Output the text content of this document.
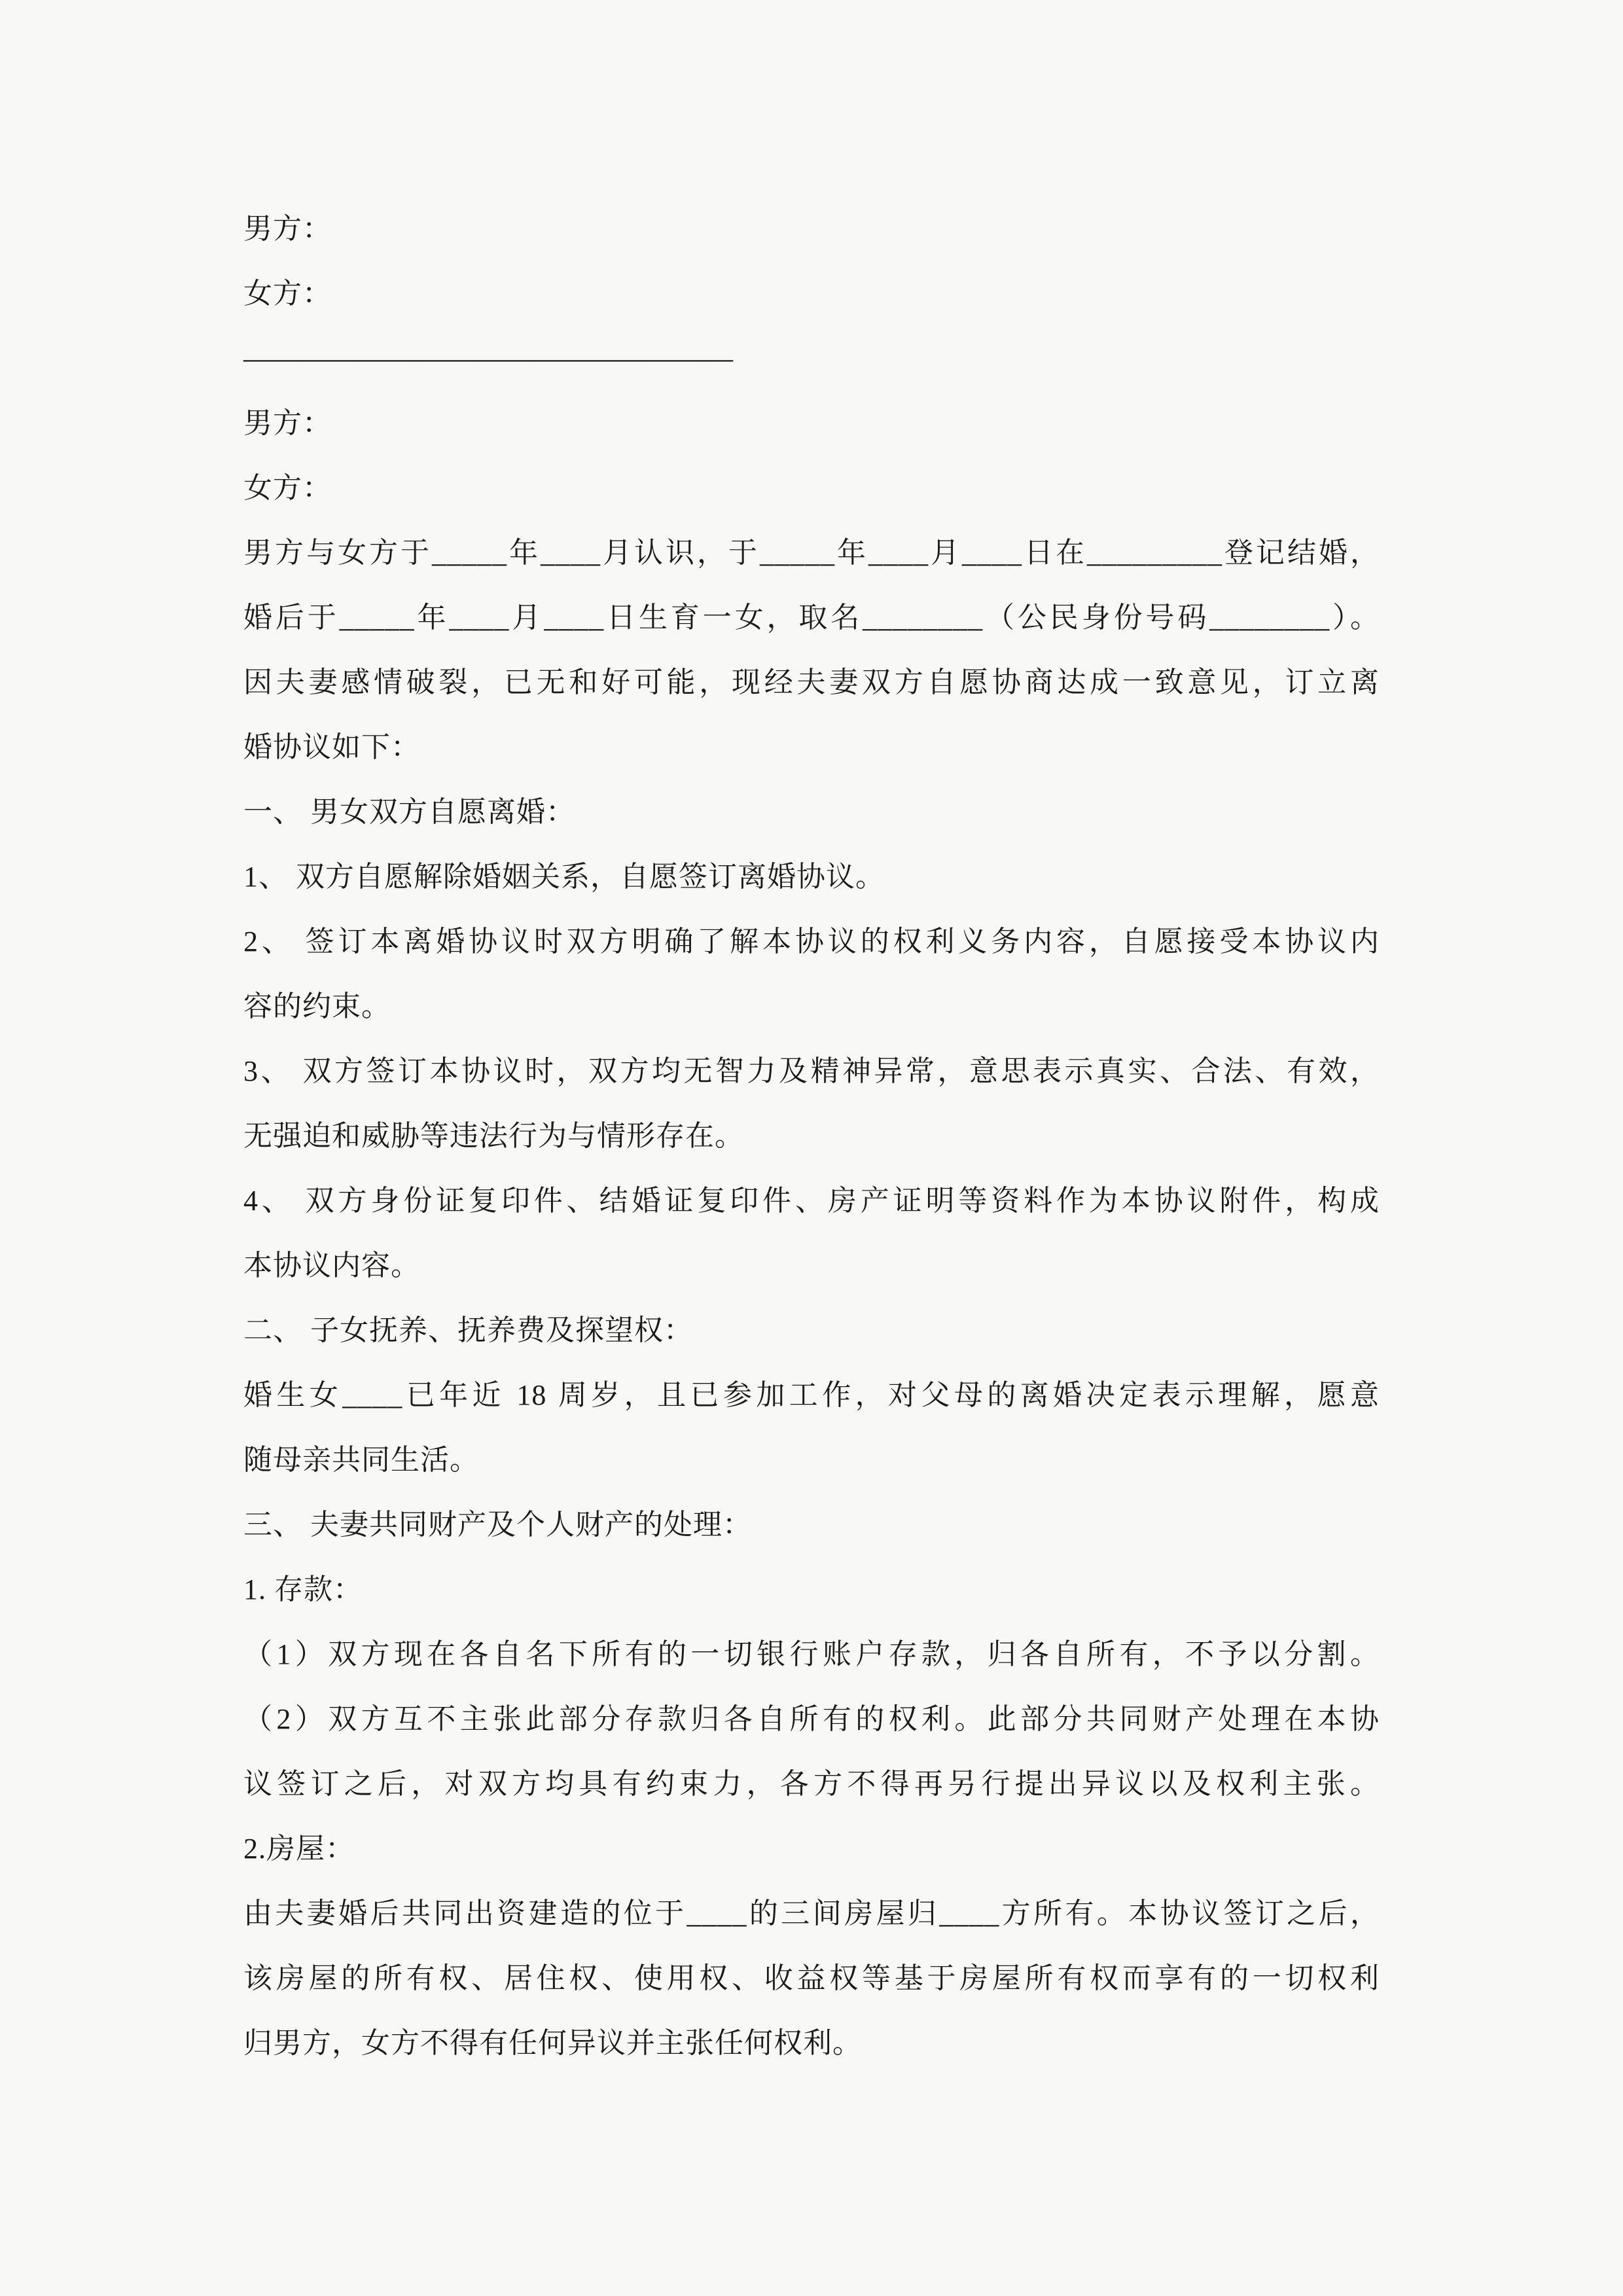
男方：
女方：
—————————————————
男方：
女方：
男方与女方于_____年____月认识，于_____年____月____日在_________登记结婚，
婚后于_____年____月____日生育一女，取名________（公民身份号码________）。
因夫妻感情破裂，已无和好可能，现经夫妻双方自愿协商达成一致意见，订立离
婚协议如下：
一、 男女双方自愿离婚：
1、 双方自愿解除婚姻关系，自愿签订离婚协议。
2、 签订本离婚协议时双方明确了解本协议的权利义务内容，自愿接受本协议内
容的约束。
3、 双方签订本协议时，双方均无智力及精神异常，意思表示真实、合法、有效，
无强迫和威胁等违法行为与情形存在。
4、 双方身份证复印件、结婚证复印件、房产证明等资料作为本协议附件，构成
本协议内容。
二、 子女抚养、抚养费及探望权：
婚生女____已年近 18 周岁，且已参加工作，对父母的离婚决定表示理解，愿意
随母亲共同生活。
三、 夫妻共同财产及个人财产的处理：
1. 存款：
（1）双方现在各自名下所有的一切银行账户存款，归各自所有，不予以分割。
（2）双方互不主张此部分存款归各自所有的权利。此部分共同财产处理在本协
议签订之后，对双方均具有约束力，各方不得再另行提出异议以及权利主张。
2.房屋：
由夫妻婚后共同出资建造的位于____的三间房屋归____方所有。本协议签订之后，
该房屋的所有权、居住权、使用权、收益权等基于房屋所有权而享有的一切权利
归男方，女方不得有任何异议并主张任何权利。
